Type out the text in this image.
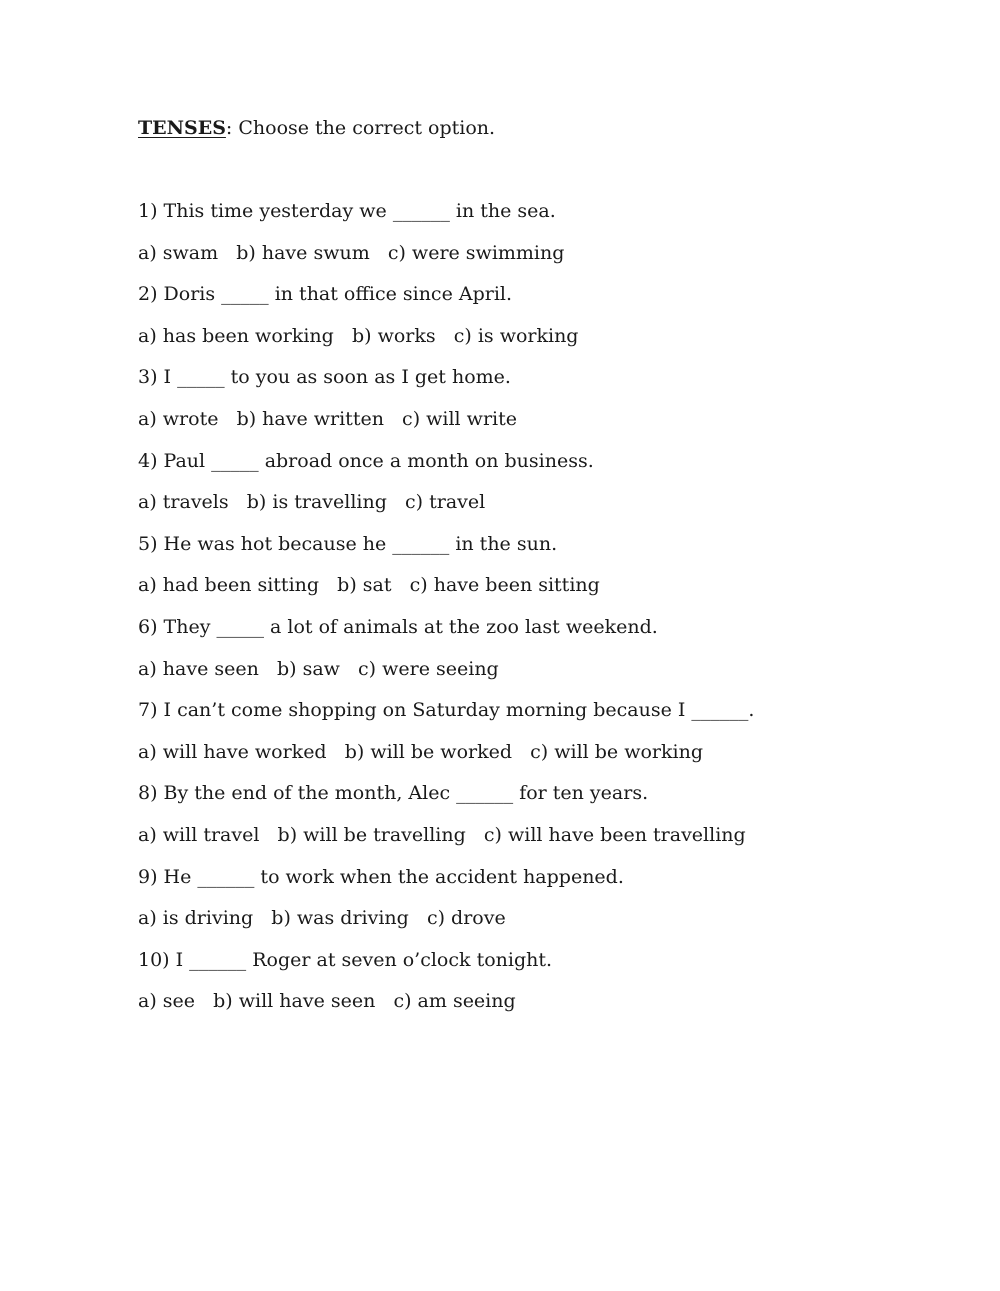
TENSES: Choose the correct option.
1) This time yesterday we ______ in the sea.
a) swam   b) have swum   c) were swimming
2) Doris _____ in that office since April.
a) has been working   b) works   c) is working
3) I _____ to you as soon as I get home.
a) wrote   b) have written   c) will write
4) Paul _____ abroad once a month on business.
a) travels   b) is travelling   c) travel
5) He was hot because he ______ in the sun.
a) had been sitting   b) sat   c) have been sitting
6) They _____ a lot of animals at the zoo last weekend.
a) have seen   b) saw   c) were seeing
7) I can’t come shopping on Saturday morning because I ______.
a) will have worked   b) will be worked   c) will be working
8) By the end of the month, Alec ______ for ten years.
a) will travel   b) will be travelling   c) will have been travelling
9) He ______ to work when the accident happened.
a) is driving   b) was driving   c) drove
10) I ______ Roger at seven o’clock tonight.
a) see   b) will have seen   c) am seeing
